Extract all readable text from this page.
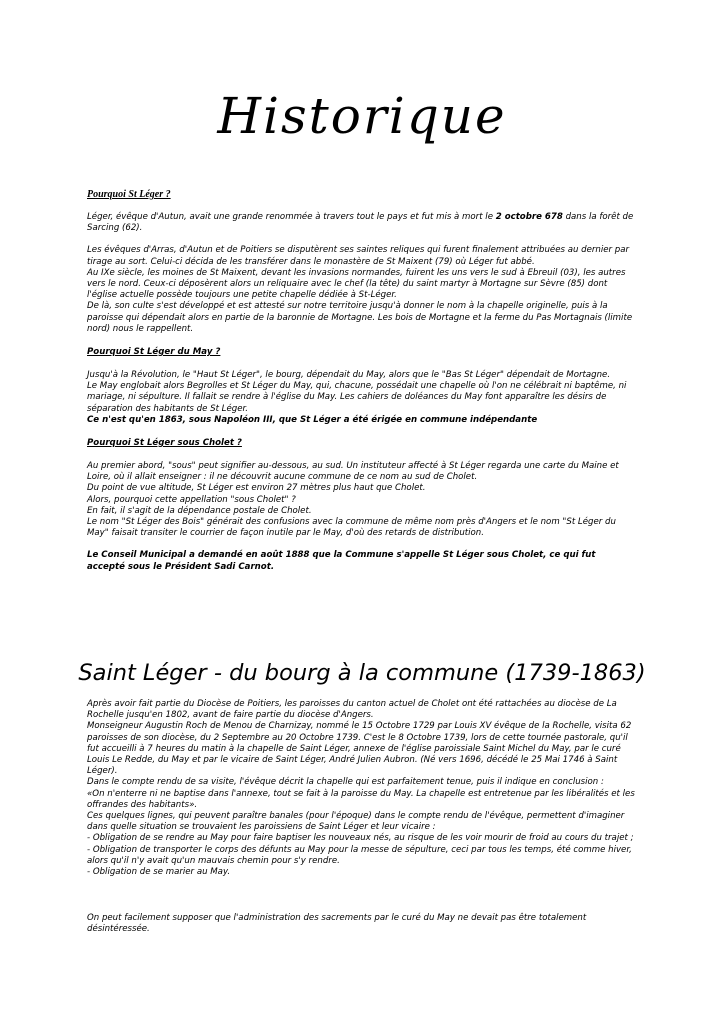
Historique
Pourquoi St Léger ?

Léger, évêque d'Autun, avait une grande renommée à travers tout le pays et fut mis à mort le 2 octobre 678 dans la forêt de Sarcing (62).

Les évêques d'Arras, d'Autun et de Poitiers se disputèrent ses saintes reliques qui furent finalement attribuées au dernier par tirage au sort. Celui-ci décida de les transférer dans le monastère de St Maixent (79) où Léger fut abbé.

Au IXe siècle, les moines de St Maixent, devant les invasions normandes, fuirent les uns vers le sud à Ebreuil (03), les autres vers le nord. Ceux-ci déposèrent alors un reliquaire avec le chef (la tête) du saint martyr à Mortagne sur Sèvre (85) dont l'église actuelle possède toujours une petite chapelle dédiée à St-Léger.

De là, son culte s'est développé et est attesté sur notre territoire jusqu'à donner le nom à la chapelle originelle, puis à la paroisse qui dépendait alors en partie de la baronnie de Mortagne. Les bois de Mortagne et la ferme du Pas Mortagnais (limite nord) nous le rappellent.

Pourquoi St Léger du May ?

Jusqu'à la Révolution, le "Haut St Léger", le bourg, dépendait du May, alors que le "Bas St Léger" dépendait de Mortagne.

Le May englobait alors Begrolles et St Léger du May, qui, chacune, possédait une chapelle où l'on ne célébrait ni baptême, ni mariage, ni sépulture. Il fallait se rendre à l'église du May. Les cahiers de doléances du May font apparaître les désirs de séparation des habitants de St Léger.

Ce n'est qu'en 1863, sous Napoléon III, que St Léger a été érigée en commune indépendante

Pourquoi St Léger sous Cholet ?

Au premier abord, "sous" peut signifier au-dessous, au sud. Un instituteur affecté à St Léger regarda une carte du Maine et Loire, où il allait enseigner : il ne découvrit aucune commune de ce nom au sud de Cholet.

Du point de vue altitude, St Léger est environ 27 mètres plus haut que Cholet.

Alors, pourquoi cette appellation "sous Cholet" ?

En fait, il s'agit de la dépendance postale de Cholet.

Le nom "St Léger des Bois" générait des confusions avec la commune de même nom près d'Angers et le nom "St Léger du May" faisait transiter le courrier de façon inutile par le May, d'où des retards de distribution.

Le Conseil Municipal a demandé en août 1888 que la Commune s'appelle St Léger sous Cholet, ce qui fut accepté sous le Président Sadi Carnot.

Saint Léger - du bourg à la commune (1739-1863)

Après avoir fait partie du Diocèse de Poitiers, les paroisses du canton actuel de Cholet ont été rattachées au diocèse de La Rochelle jusqu'en 1802, avant de faire partie du diocèse d'Angers.

Monseigneur Augustin Roch de Menou de Charnizay, nommé le 15 Octobre 1729 par Louis XV évêque de la Rochelle, visita 62 paroisses de son diocèse, du 2 Septembre au 20 Octobre 1739. C'est le 8 Octobre 1739, lors de cette tournée pastorale, qu'il fut accueilli à 7 heures du matin à la chapelle de Saint Léger, annexe de l'église paroissiale Saint Michel du May, par le curé Louis Le Redde, du May et par le vicaire de Saint Léger, André Julien Aubron. (Né vers 1696, décédé le 25 Mai 1746 à Saint Léger).

Dans le compte rendu de sa visite, l'évêque décrit la chapelle qui est parfaitement tenue, puis il indique en conclusion :

«On n'enterre ni ne baptise dans l'annexe, tout se fait à la paroisse du May. La chapelle est entretenue par les libéralités et les offrandes des habitants».

Ces quelques lignes, qui peuvent paraître banales (pour l'époque) dans le compte rendu de l'évêque, permettent d'imaginer dans quelle situation se trouvaient les paroissiens de Saint Léger et leur vicaire :

- Obligation de se rendre au May pour faire baptiser les nouveaux nés, au risque de les voir mourir de froid au cours du trajet ;

- Obligation de transporter le corps des défunts au May pour la messe de sépulture, ceci par tous les temps, été comme hiver, alors qu'il n'y avait qu'un mauvais chemin pour s'y rendre.

- Obligation de se marier au May.

On peut facilement supposer que l'administration des sacrements par le curé du May ne devait pas être totalement désintéressée.
